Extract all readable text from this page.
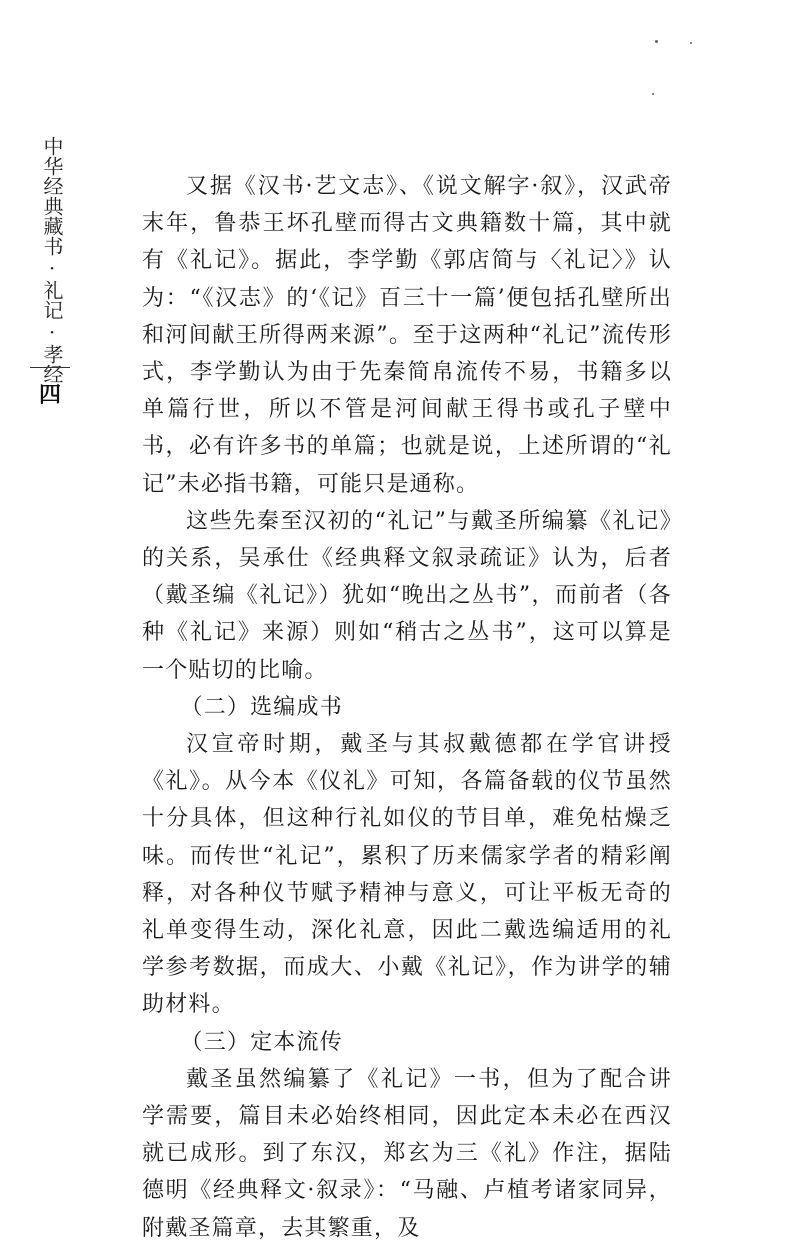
中华经典藏书·礼记·孝经
四

又据《汉书·艺文志》、《说文解字·叙》，汉武帝末年，鲁恭王坏孔壁而得古文典籍数十篇，其中就有《礼记》。据此，李学勤《郭店简与〈礼记〉》认为：“《汉志》的‘《记》百三十一篇’便包括孔壁所出和河间献王所得两来源”。至于这两种“礼记”流传形式，李学勤认为由于先秦简帛流传不易，书籍多以单篇行世，所以不管是河间献王得书或孔子壁中书，必有许多书的单篇；也就是说，上述所谓的“礼记”未必指书籍，可能只是通称。

这些先秦至汉初的“礼记”与戴圣所编纂《礼记》的关系，吴承仕《经典释文叙录疏证》认为，后者（戴圣编《礼记》）犹如“晚出之丛书”，而前者（各种《礼记》来源）则如“稍古之丛书”，这可以算是一个贴切的比喻。

（二）选编成书

汉宣帝时期，戴圣与其叔戴德都在学官讲授《礼》。从今本《仪礼》可知，各篇备载的仪节虽然十分具体，但这种行礼如仪的节目单，难免枯燥乏味。而传世“礼记”，累积了历来儒家学者的精彩阐释，对各种仪节赋予精神与意义，可让平板无奇的礼单变得生动，深化礼意，因此二戴选编适用的礼学参考数据，而成大、小戴《礼记》，作为讲学的辅助材料。

（三）定本流传

戴圣虽然编纂了《礼记》一书，但为了配合讲学需要，篇目未必始终相同，因此定本未必在西汉就已成形。到了东汉，郑玄为三《礼》作注，据陆德明《经典释文·叙录》：“马融、卢植考诸家同异，附戴圣篇章，去其繁重，及
